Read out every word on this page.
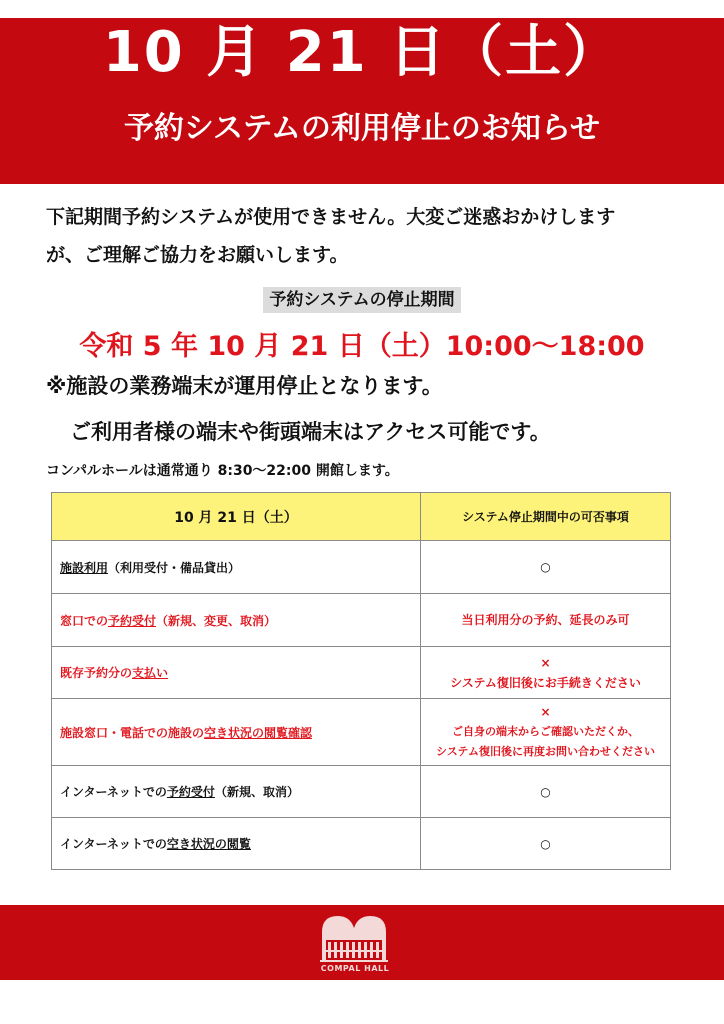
10 月 21 日（土）
予約システムの利用停止のお知らせ
下記期間予約システムが使用できません。大変ご迷惑おかけします
が、ご理解ご協力をお願いします。
予約システムの停止期間
令和 5 年 10 月 21 日（土）10:00～18:00
※施設の業務端末が運用停止となります。
ご利用者様の端末や街頭端末はアクセス可能です。
コンパルホールは通常通り 8:30～22:00 開館します。
10 月 21 日（土）	システム停止期間中の可否事項
施設利用（利用受付・備品貸出）	○

窓口での予約受付（新規、変更、取消）	当日利用分の予約、延長のみ可

既存予約分の支払い	×
システム復旧後にお手続きください

施設窓口・電話での施設の空き状況の閲覧確認	×
ご自身の端末からご確認いただくか、
システム復旧後に再度お問い合わせください

インターネットでの予約受付（新規、取消）	○

インターネットでの空き状況の閲覧	○
COMPAL HALL
